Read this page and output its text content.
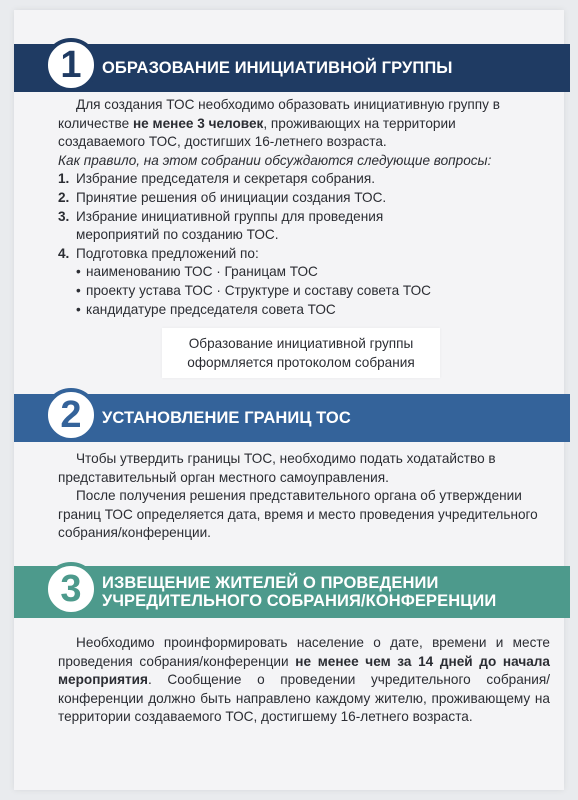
1	ОБРАЗОВАНИЕ ИНИЦИАТИВНОЙ ГРУППЫ

Для создания ТОС необходимо образовать инициативную группу в количестве не менее 3 человек, проживающих на территории создаваемого ТОС, достигших 16-летнего возраста.

Как правило, на этом собрании обсуждаются следующие вопросы:

1. Избрание председателя и секретаря собрания.
2. Принятие решения об инициации создания ТОС.
3. Избрание инициативной группы для проведения мероприятий по созданию ТОС.
4. Подготовка предложений по:
• наименованию ТОС · Границам ТОС
• проекту устава ТОС · Структуре и составу совета ТОС
• кандидатуре председателя совета ТОС
Образование инициативной группы
оформляется протоколом собрания
2	УСТАНОВЛЕНИЕ ГРАНИЦ ТОС

Чтобы утвердить границы ТОС, необходимо подать ходатайство в представительный орган местного самоуправления.

После получения решения представительного органа об утверждении границ ТОС определяется дата, время и место проведения учредительного собрания/конференции.

3	ИЗВЕЩЕНИЕ ЖИТЕЛЕЙ О ПРОВЕДЕНИИ
УЧРЕДИТЕЛЬНОГО СОБРАНИЯ/КОНФЕРЕНЦИИ

Необходимо проинформировать население о дате, времени и месте проведения собрания/конференции не менее чем за 14 дней до начала мероприятия. Сообщение о проведении учредительного собрания/конференции должно быть направлено каждому жителю, проживающему на территории создаваемого ТОС, достигшему 16-летнего возраста.
